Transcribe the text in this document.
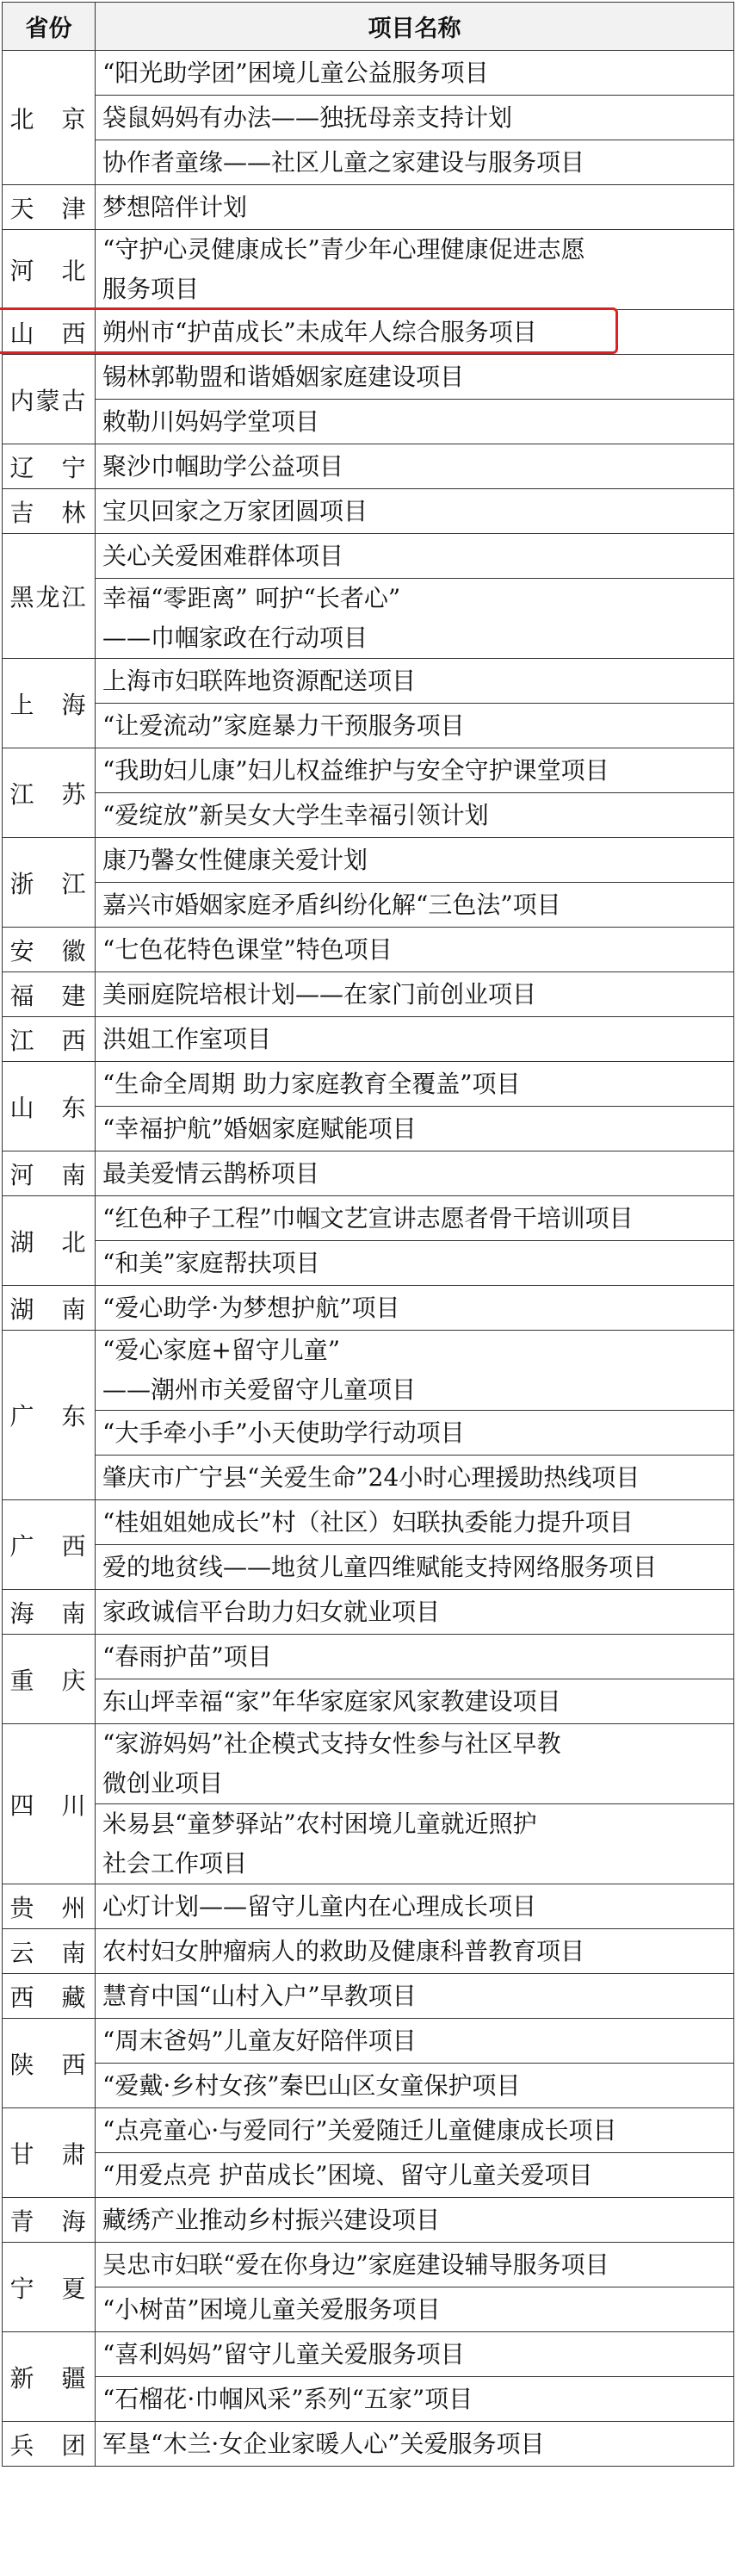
省份	项目名称
北　京	“阳光助学团”困境儿童公益服务项目

	袋鼠妈妈有办法——独抚母亲支持计划

	协作者童缘——社区儿童之家建设与服务项目

天　津	梦想陪伴计划

河　北	“守护心灵健康成长”青少年心理健康促进志愿
服务项目

山　西	朔州市“护苗成长”未成年人综合服务项目

内蒙古	锡林郭勒盟和谐婚姻家庭建设项目

	敕勒川妈妈学堂项目

辽　宁	聚沙巾帼助学公益项目

吉　林	宝贝回家之万家团圆项目

黑龙江	关心关爱困难群体项目

	幸福“零距离” 呵护“长者心”
——巾帼家政在行动项目

上　海	上海市妇联阵地资源配送项目

	“让爱流动”家庭暴力干预服务项目

江　苏	“我助妇儿康”妇儿权益维护与安全守护课堂项目

	“爱绽放”新吴女大学生幸福引领计划

浙　江	康乃馨女性健康关爱计划

	嘉兴市婚姻家庭矛盾纠纷化解“三色法”项目

安　徽	“七色花特色课堂”特色项目

福　建	美丽庭院培根计划——在家门前创业项目

江　西	洪姐工作室项目

山　东	“生命全周期 助力家庭教育全覆盖”项目

	“幸福护航”婚姻家庭赋能项目

河　南	最美爱情云鹊桥项目

湖　北	“红色种子工程”巾帼文艺宣讲志愿者骨干培训项目

	“和美”家庭帮扶项目

湖　南	“爱心助学·为梦想护航”项目

广　东	“爱心家庭+留守儿童”
——潮州市关爱留守儿童项目

	“大手牵小手”小天使助学行动项目

	肇庆市广宁县“关爱生命”24小时心理援助热线项目

广　西	“桂姐姐她成长”村（社区）妇联执委能力提升项目

	爱的地贫线——地贫儿童四维赋能支持网络服务项目

海　南	家政诚信平台助力妇女就业项目

重　庆	“春雨护苗”项目

	东山坪幸福“家”年华家庭家风家教建设项目

四　川	“家游妈妈”社企模式支持女性参与社区早教
微创业项目

	米易县“童梦驿站”农村困境儿童就近照护
社会工作项目

贵　州	心灯计划——留守儿童内在心理成长项目

云　南	农村妇女肿瘤病人的救助及健康科普教育项目

西　藏	慧育中国“山村入户”早教项目

陕　西	“周末爸妈”儿童友好陪伴项目

	“爱戴·乡村女孩”秦巴山区女童保护项目

甘　肃	“点亮童心·与爱同行”关爱随迁儿童健康成长项目

	“用爱点亮 护苗成长”困境、留守儿童关爱项目

青　海	藏绣产业推动乡村振兴建设项目

宁　夏	吴忠市妇联“爱在你身边”家庭建设辅导服务项目

	“小树苗”困境儿童关爱服务项目

新　疆	“喜利妈妈”留守儿童关爱服务项目

	“石榴花·巾帼风采”系列“五家”项目

兵　团	军垦“木兰·女企业家暖人心”关爱服务项目
